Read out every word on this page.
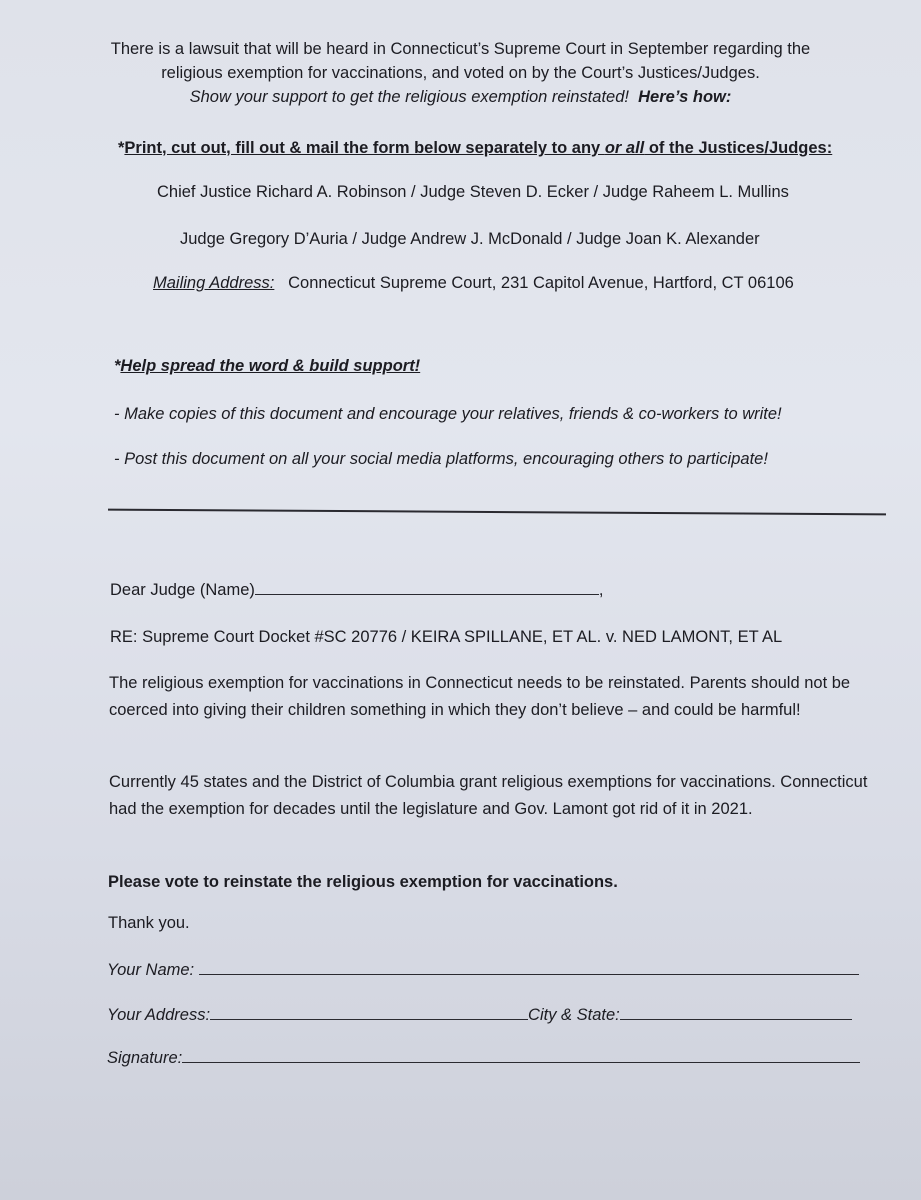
There is a lawsuit that will be heard in Connecticut’s Supreme Court in September regarding the
religious exemption for vaccinations, and voted on by the Court’s Justices/Judges.
Show your support to get the religious exemption reinstated! Here’s how:
*Print, cut out, fill out & mail the form below separately to any or all of the Justices/Judges:
Chief Justice Richard A. Robinson / Judge Steven D. Ecker / Judge Raheem L. Mullins
Judge Gregory D’Auria / Judge Andrew J. McDonald / Judge Joan K. Alexander
Mailing Address: Connecticut Supreme Court, 231 Capitol Avenue, Hartford, CT 06106
*Help spread the word & build support!
- Make copies of this document and encourage your relatives, friends & co-workers to write!
- Post this document on all your social media platforms, encouraging others to participate!
Dear Judge (Name)	,
RE: Supreme Court Docket #SC 20776 / KEIRA SPILLANE, ET AL. v. NED LAMONT, ET AL
The religious exemption for vaccinations in Connecticut needs to be reinstated. Parents should not be coerced into giving their children something in which they don’t believe – and could be harmful!
Currently 45 states and the District of Columbia grant religious exemptions for vaccinations. Connecticut had the exemption for decades until the legislature and Gov. Lamont got rid of it in 2021.
Please vote to reinstate the religious exemption for vaccinations.
Thank you.
Your Name:
Your Address:	City & State:
Signature:
